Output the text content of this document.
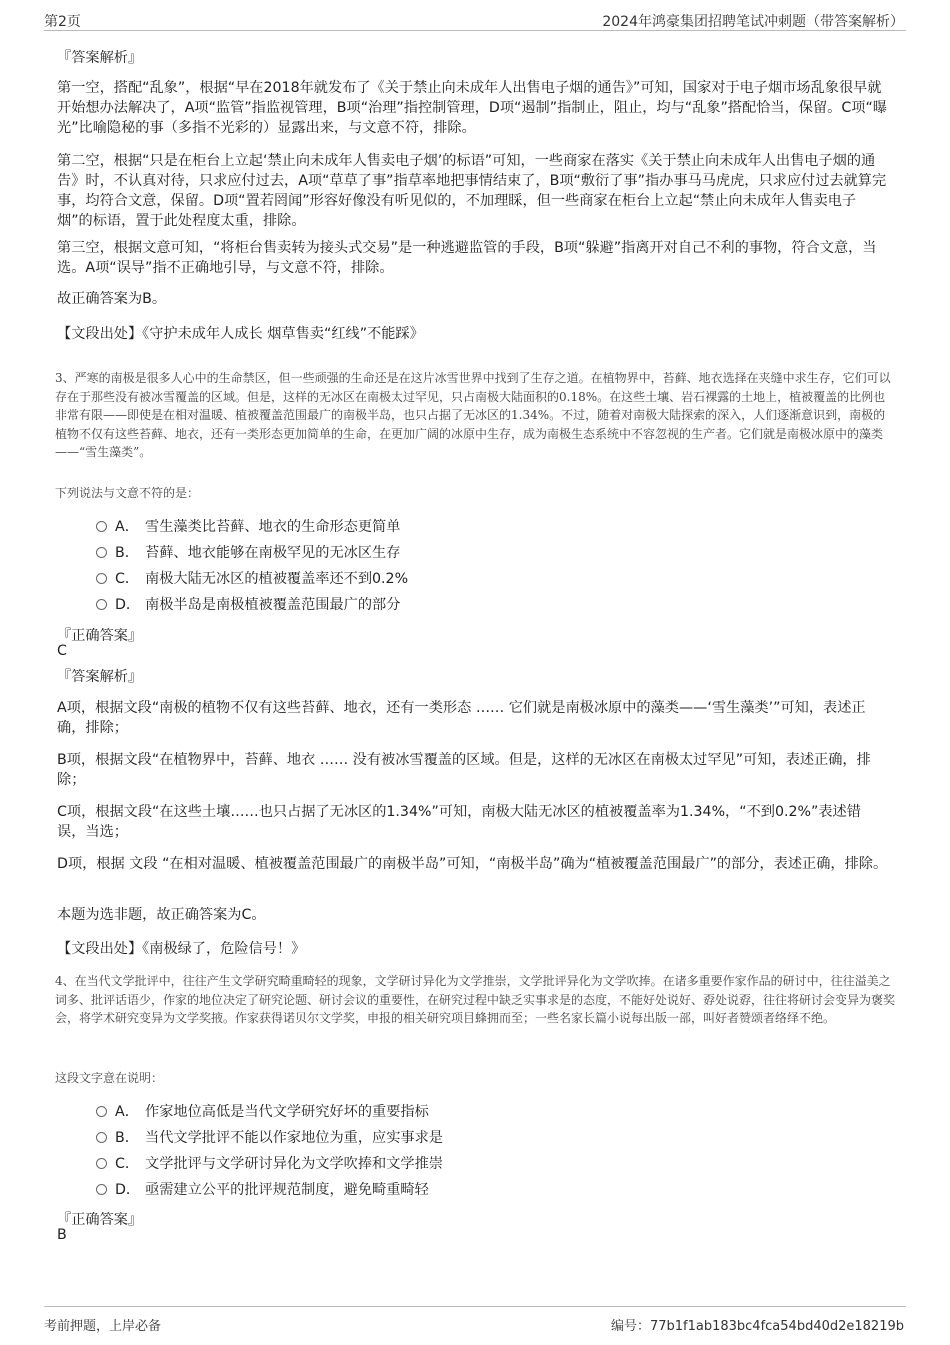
第2页	2024年鸿豪集团招聘笔试冲刺题（带答案解析）
『答案解析』

第一空，搭配“乱象”，根据“早在2018年就发布了《关于禁止向未成年人出售电子烟的通告》”可知，国家对于电子烟市场乱象很早就开始想办法解决了，A项“监管”指监视管理，B项“治理”指控制管理，D项“遏制”指制止，阻止，均与“乱象”搭配恰当，保留。C项“曝光”比喻隐秘的事（多指不光彩的）显露出来，与文意不符，排除。

第二空，根据“只是在柜台上立起‘禁止向未成年人售卖电子烟’的标语”可知，一些商家在落实《关于禁止向未成年人出售电子烟的通告》时，不认真对待，只求应付过去，A项“草草了事”指草率地把事情结束了，B项“敷衍了事”指办事马马虎虎，只求应付过去就算完事，均符合文意，保留。D项“置若罔闻”形容好像没有听见似的，不加理睬，但一些商家在柜台上立起“禁止向未成年人售卖电子烟”的标语，置于此处程度太重，排除。

第三空，根据文意可知，“将柜台售卖转为接头式交易”是一种逃避监管的手段，B项“躲避”指离开对自己不利的事物，符合文意，当选。A项“误导”指不正确地引导，与文意不符，排除。

故正确答案为B。

【文段出处】《守护未成年人成长 烟草售卖“红线”不能踩》

3、严寒的南极是很多人心中的生命禁区，但一些顽强的生命还是在这片冰雪世界中找到了生存之道。在植物界中，苔藓、地衣选择在夹缝中求生存，它们可以存在于那些没有被冰雪覆盖的区域。但是，这样的无冰区在南极太过罕见，只占南极大陆面积的0.18%。在这些土壤、岩石裸露的土地上，植被覆盖的比例也非常有限——即使是在相对温暖、植被覆盖范围最广的南极半岛，也只占据了无冰区的1.34%。不过，随着对南极大陆探索的深入，人们逐渐意识到，南极的植物不仅有这些苔藓、地衣，还有一类形态更加简单的生命，在更加广阔的冰原中生存，成为南极生态系统中不容忽视的生产者。它们就是南极冰原中的藻类——“雪生藻类”。

下列说法与文意不符的是：
A． 雪生藻类比苔藓、地衣的生命形态更简单
B． 苔藓、地衣能够在南极罕见的无冰区生存
C． 南极大陆无冰区的植被覆盖率还不到0.2%
D． 南极半岛是南极植被覆盖范围最广的部分
『正确答案』
C
『答案解析』

A项，根据文段“南极的植物不仅有这些苔藓、地衣，还有一类形态 …… 它们就是南极冰原中的藻类——‘雪生藻类’”可知，表述正确，排除；

B项，根据文段“在植物界中，苔藓、地衣 …… 没有被冰雪覆盖的区域。但是，这样的无冰区在南极太过罕见”可知，表述正确，排除；

C项，根据文段“在这些土壤……也只占据了无冰区的1.34%”可知，南极大陆无冰区的植被覆盖率为1.34%，“不到0.2%”表述错误，当选；

D项，根据 文段 “在相对温暖、植被覆盖范围最广的南极半岛”可知，“南极半岛”确为“植被覆盖范围最广”的部分，表述正确，排除。

本题为选非题，故正确答案为C。

【文段出处】《南极绿了，危险信号！》

4、在当代文学批评中，往往产生文学研究畸重畸轻的现象，文学研讨异化为文学推崇，文学批评异化为文学吹捧。在诸多重要作家作品的研讨中，往往溢美之词多、批评话语少，作家的地位决定了研究论题、研讨会议的重要性，在研究过程中缺乏实事求是的态度，不能好处说好、孬处说孬，往往将研讨会变异为褒奖会，将学术研究变异为文学奖掖。作家获得诺贝尔文学奖，申报的相关研究项目蜂拥而至；一些名家长篇小说每出版一部，叫好者赞颂者络绎不绝。

这段文字意在说明：
A． 作家地位高低是当代文学研究好坏的重要指标
B． 当代文学批评不能以作家地位为重，应实事求是
C． 文学批评与文学研讨异化为文学吹捧和文学推崇
D． 亟需建立公平的批评规范制度，避免畸重畸轻
『正确答案』
B
考前押题，上岸必备	编号：77b1f1ab183bc4fca54bd40d2e18219b
